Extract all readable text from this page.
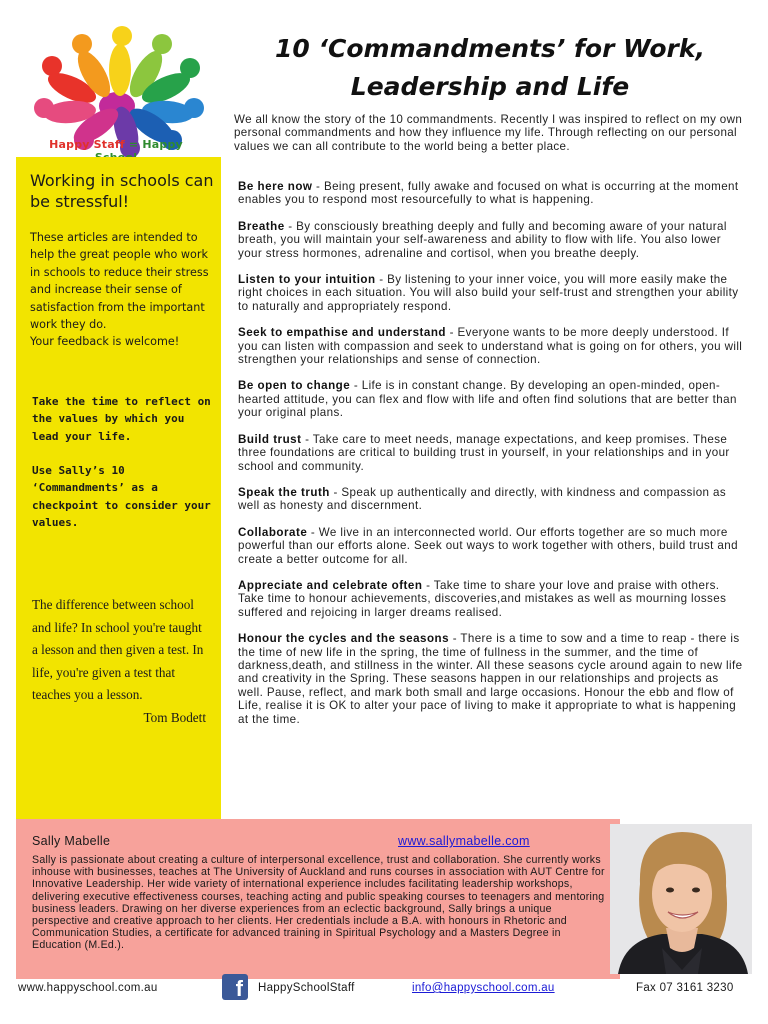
Happy Staff = Happy
10 ‘Commandments’ for Work,
Leadership and Life
We all know the story of the 10 commandments. Recently I was inspired to reflect on my own personal commandments and how they influence my life. Through reflecting on our personal values we can all contribute to the world being a better place.
Working in schools can be stressful!
These articles are intended to help the great people who work in schools to reduce their stress and increase their sense of satisfaction from the important work they do.
Your feedback is welcome!
Take the time to reflect on the values by which you lead your life.
Use Sally’s 10 ‘Commandments’ as a checkpoint to consider your values.
The difference between school and life? In school you're taught a lesson and then given a test. In life, you're given a test that teaches you a lesson.
Tom Bodett

Be here now - Being present, fully awake and focused on what is occurring at the moment enables you to respond most resourcefully to what is happening.

Breathe - By consciously breathing deeply and fully and becoming aware of your natural breath, you will maintain your self-awareness and ability to flow with life. You also lower your stress hormones, adrenaline and cortisol, when you breathe deeply.

Listen to your intuition - By listening to your inner voice, you will more easily make the right choices in each situation. You will also build your self-trust and strengthen your ability to naturally and appropriately respond.

Seek to empathise and understand - Everyone wants to be more deeply understood. If you can listen with compassion and seek to understand what is going on for others, you will strengthen your relationships and sense of connection.

Be open to change - Life is in constant change. By developing an open-minded, open-hearted attitude, you can flex and flow with life and often find solutions that are better than your original plans.

Build trust - Take care to meet needs, manage expectations, and keep promises. These three foundations are critical to building trust in yourself, in your relationships and in your school and community.

Speak the truth - Speak up authentically and directly, with kindness and compassion as well as honesty and discernment.

Collaborate - We live in an interconnected world. Our efforts together are so much more powerful than our efforts alone. Seek out ways to work together with others, build trust and create a better outcome for all.

Appreciate and celebrate often - Take time to share your love and praise with others. Take time to honour achievements, discoveries,and mistakes as well as mourning losses suffered and rejoicing in larger dreams realised.

Honour the cycles and the seasons - There is a time to sow and a time to reap - there is the time of new life in the spring, the time of fullness in the summer, and the time of darkness,death, and stillness in the winter. All these seasons cycle around again to new life and creativity in the Spring. These seasons happen in our relationships and projects as well. Pause, reflect, and mark both small and large occasions. Honour the ebb and flow of Life, realise it is OK to alter your pace of living to make it appropriate to what is happening at the time.

Sally Mabelle	www.sallymabelle.com
Sally is passionate about creating a culture of interpersonal excellence, trust and collaboration. She currently works inhouse with businesses, teaches at The University of Auckland and runs courses in association with AUT Centre for Innovative Leadership. Her wide variety of international experience includes facilitating leadership workshops, delivering executive effectiveness courses, teaching acting and public speaking courses to teenagers and mentoring business leaders. Drawing on her diverse experiences from an eclectic background, Sally brings a unique perspective and creative approach to her clients. Her credentials include a B.A. with honours in Rhetoric and Communication Studies, a certificate for advanced training in Spiritual Psychology and a Masters Degree in Education (M.Ed.).
www.happyschool.com.au	f	HappySchoolStaff	info@happyschool.com.au	Fax 07 3161 3230
